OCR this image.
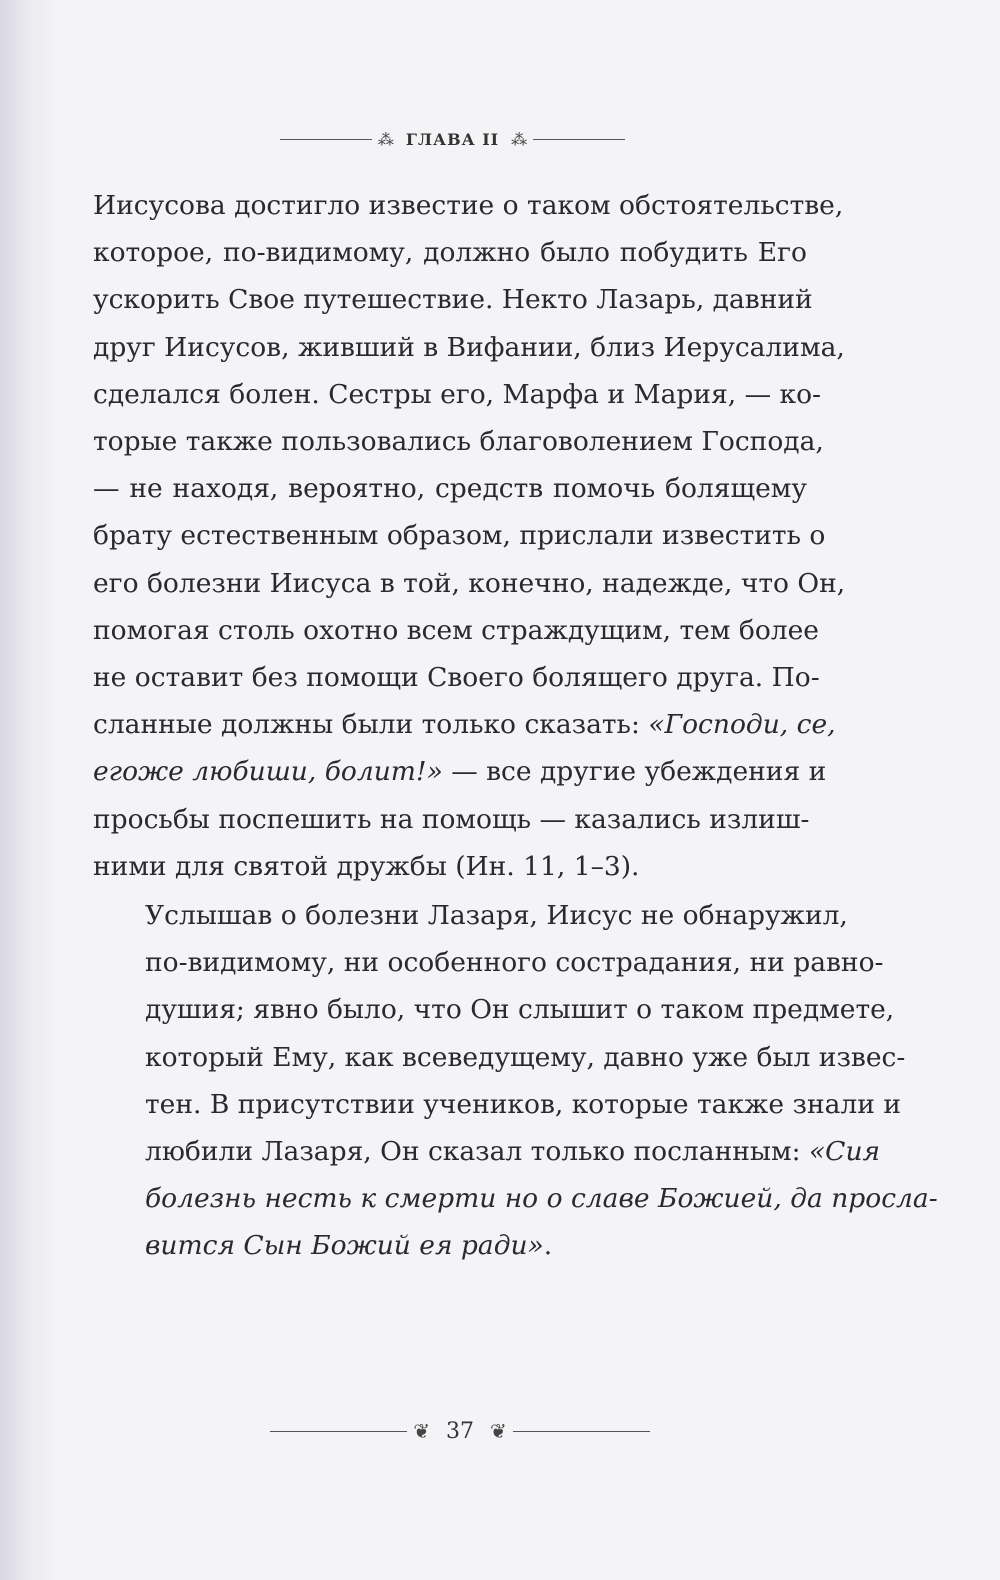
⁂ ГЛАВА II ⁂

Иисусова достигло известие о таком обстоятельстве,
которое, по-видимому, должно было побудить Его
ускорить Свое путешествие. Некто Лазарь, давний
друг Иисусов, живший в Вифании, близ Иерусалима,
сделался болен. Сестры его, Марфа и Мария, — ко-
торые также пользовались благоволением Господа,
— не находя, вероятно, средств помочь болящему
брату естественным образом, прислали известить о
его болезни Иисуса в той, конечно, надежде, что Он,
помогая столь охотно всем страждущим, тем более
не оставит без помощи Своего болящего друга. По-
сланные должны были только сказать: «Господи, се,
егоже любиши, болит!» — все другие убеждения и
просьбы поспешить на помощь — казались излиш-
ними для святой дружбы (Ин. 11, 1–3).

Услышав о болезни Лазаря, Иисус не обнаружил,
по-видимому, ни особенного сострадания, ни равно-
душия; явно было, что Он слышит о таком предмете,
который Ему, как всеведущему, давно уже был извес-
тен. В присутствии учеников, которые также знали и
любили Лазаря, Он сказал только посланным: «Сия
болезнь несть к смерти но о славе Божией, да просла-
вится Сын Божий ея ради».

❦ 37 ❦
